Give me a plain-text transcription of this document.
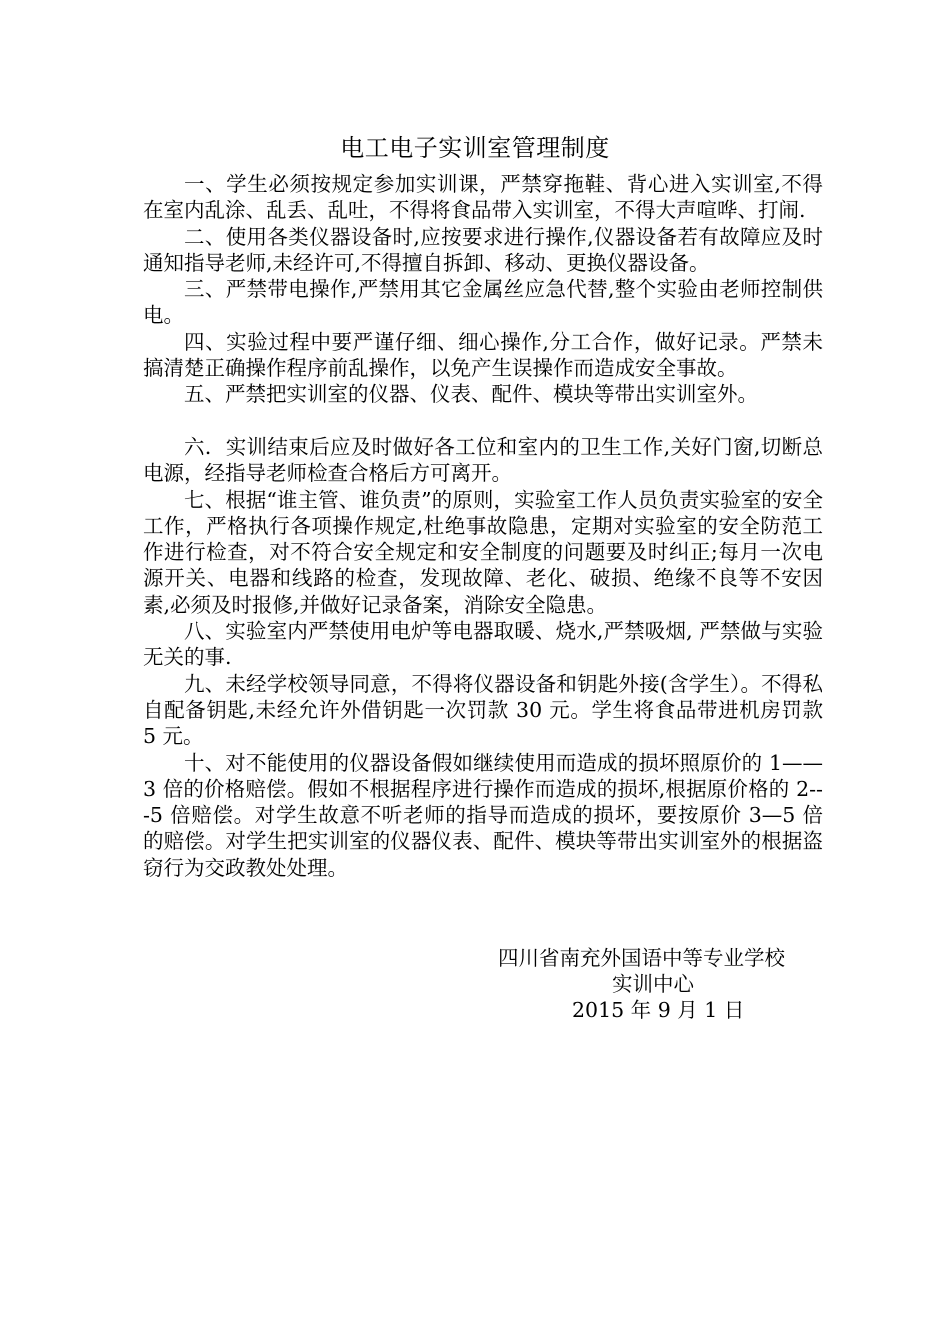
电工电子实训室管理制度

一、学生必须按规定参加实训课，严禁穿拖鞋、背心进入实训室,不得在室内乱涂、乱丢、乱吐，不得将食品带入实训室，不得大声喧哗、打闹.

二、使用各类仪器设备时,应按要求进行操作,仪器设备若有故障应及时通知指导老师,未经许可,不得擅自拆卸、移动、更换仪器设备。

三、严禁带电操作,严禁用其它金属丝应急代替,整个实验由老师控制供电。

四、实验过程中要严谨仔细、细心操作,分工合作，做好记录。严禁未搞清楚正确操作程序前乱操作，以免产生误操作而造成安全事故。

五、严禁把实训室的仪器、仪表、配件、模块等带出实训室外。

六．实训结束后应及时做好各工位和室内的卫生工作,关好门窗,切断总电源，经指导老师检查合格后方可离开。

七、根据“谁主管、谁负责”的原则，实验室工作人员负责实验室的安全工作，严格执行各项操作规定,杜绝事故隐患，定期对实验室的安全防范工作进行检查，对不符合安全规定和安全制度的问题要及时纠正;每月一次电源开关、电器和线路的检查，发现故障、老化、破损、绝缘不良等不安因素,必须及时报修,并做好记录备案，消除安全隐患。

八、实验室内严禁使用电炉等电器取暖、烧水,严禁吸烟, 严禁做与实验无关的事.

九、未经学校领导同意，不得将仪器设备和钥匙外接(含学生）。不得私自配备钥匙,未经允许外借钥匙一次罚款 30 元。学生将食品带进机房罚款 5 元。

十、对不能使用的仪器设备假如继续使用而造成的损坏照原价的 1——3 倍的价格赔偿。假如不根据程序进行操作而造成的损坏,根据原价格的 2---5 倍赔偿。对学生故意不听老师的指导而造成的损坏，要按原价 3—5 倍的赔偿。对学生把实训室的仪器仪表、配件、模块等带出实训室外的根据盗窃行为交政教处处理。

四川省南充外国语中等专业学校
实训中心
2015 年 9 月 1 日
